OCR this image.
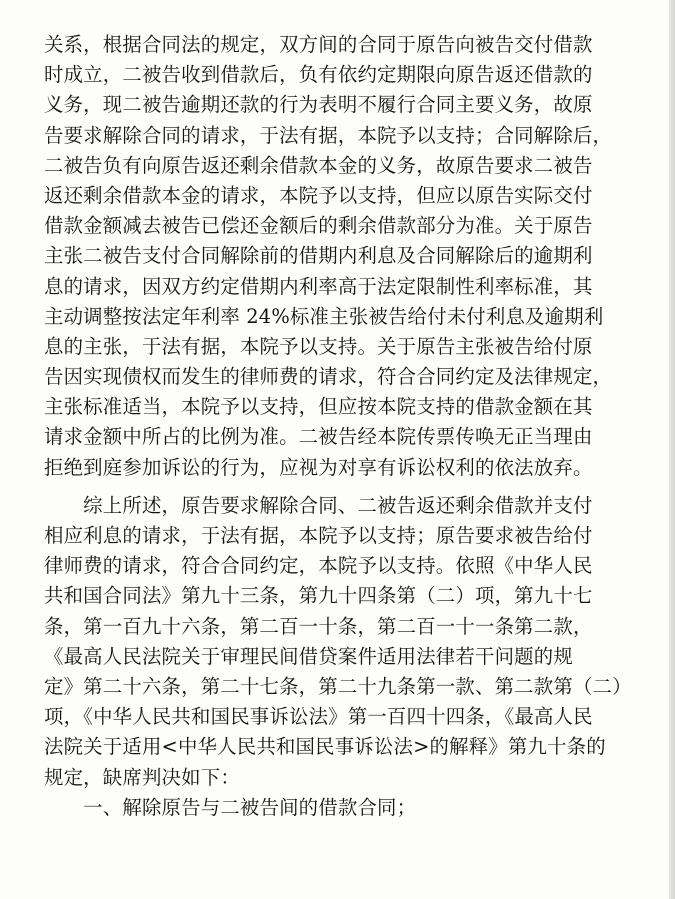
关系，根据合同法的规定，双方间的合同于原告向被告交付借款
时成立，二被告收到借款后，负有依约定期限向原告返还借款的
义务，现二被告逾期还款的行为表明不履行合同主要义务，故原
告要求解除合同的请求，于法有据，本院予以支持；合同解除后，
二被告负有向原告返还剩余借款本金的义务，故原告要求二被告
返还剩余借款本金的请求，本院予以支持，但应以原告实际交付
借款金额减去被告已偿还金额后的剩余借款部分为准。关于原告
主张二被告支付合同解除前的借期内利息及合同解除后的逾期利
息的请求，因双方约定借期内利率高于法定限制性利率标准，其
主动调整按法定年利率 24%标准主张被告给付未付利息及逾期利
息的主张，于法有据，本院予以支持。关于原告主张被告给付原
告因实现债权而发生的律师费的请求，符合合同约定及法律规定，
主张标准适当，本院予以支持，但应按本院支持的借款金额在其
请求金额中所占的比例为准。二被告经本院传票传唤无正当理由
拒绝到庭参加诉讼的行为，应视为对享有诉讼权利的依法放弃。
　　综上所述，原告要求解除合同、二被告返还剩余借款并支付
相应利息的请求，于法有据，本院予以支持；原告要求被告给付
律师费的请求，符合合同约定，本院予以支持。依照《中华人民
共和国合同法》第九十三条，第九十四条第（二）项，第九十七
条，第一百九十六条，第二百一十条，第二百一十一条第二款，
《最高人民法院关于审理民间借贷案件适用法律若干问题的规
定》第二十六条，第二十七条，第二十九条第一款、第二款第（二）
项，《中华人民共和国民事诉讼法》第一百四十四条，《最高人民
法院关于适用<中华人民共和国民事诉讼法>的解释》第九十条的
规定，缺席判决如下：
　　一、解除原告与二被告间的借款合同；
